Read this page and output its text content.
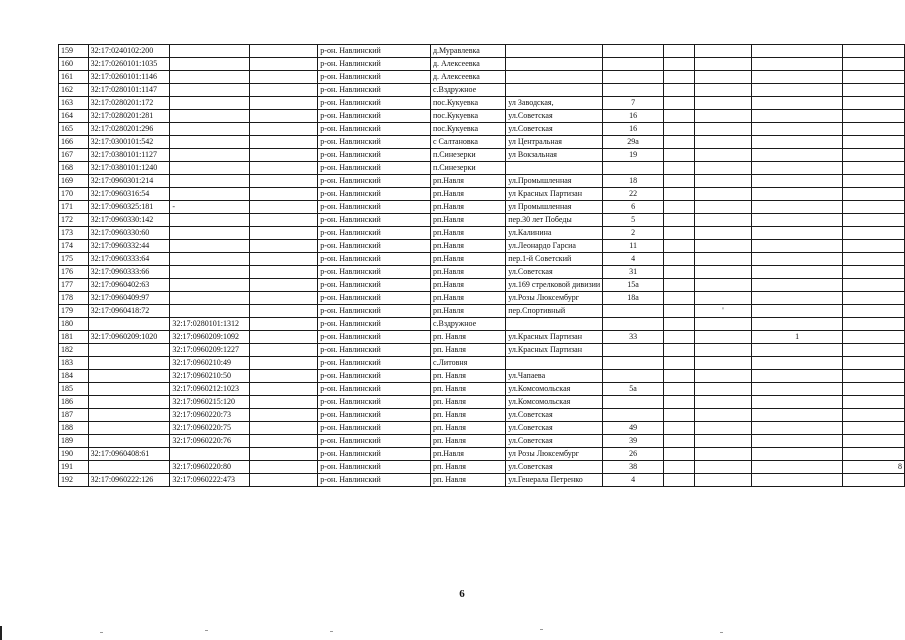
159	32:17:0240102:200			р-он. Навлинский	д.Муравлевка						
160	32:17:0260101:1035			р-он. Навлинский	д. Алексеевка						
161	32:17:0260101:1146			р-он. Навлинский	д. Алексеевка						
162	32:17:0280101:1147			р-он. Навлинский	с.Вздружное						
163	32:17:0280201:172			р-он. Навлинский	пос.Кукуевка	ул Заводская,	7				
164	32:17:0280201:281			р-он. Навлинский	пос.Кукуевка	ул.Советская	16				
165	32:17:0280201:296			р-он. Навлинский	пос.Кукуевка	ул.Советская	16				
166	32:17:0300101:542			р-он. Навлинский	с Салтановка	ул Центральная	29а				
167	32:17:0380101:1127			р-он. Навлинский	п.Синезерки	ул Вокзальная	19				
168	32:17:0380101:1240			р-он. Навлинский	п.Синезерки						
169	32:17:0960301:214			р-он. Навлинский	рп.Навля	ул.Промышленная	18				
170	32:17:0960316:54			р-он. Навлинский	рп.Навля	ул Красных Партизан	22				
171	32:17:0960325:181	-		р-он. Навлинский	рп.Навля	ул Промышленная	6				
172	32:17:0960330:142			р-он. Навлинский	рп.Навля	пер.30 лет Победы	5				
173	32:17:0960330:60			р-он. Навлинский	рп.Навля	ул.Калинина	2				
174	32:17:0960332:44			р-он. Навлинский	рп.Навля	ул.Леонардо Гарсиа	11				
175	32:17:0960333:64			р-он. Навлинский	рп.Навля	пер.1-й Советский	4				
176	32:17:0960333:66			р-он. Навлинский	рп.Навля	ул.Советская	31				
177	32:17:0960402:63			р-он. Навлинский	рп.Навля	ул.169 стрелковой дивизии	15а				
178	32:17:0960409:97			р-он. Навлинский	рп.Навля	ул.Розы Люксембург	18а				
179	32:17:0960418:72			р-он. Навлинский	рп.Навля	пер.Спортивный			'		
180		32:17:0280101:1312		р-он. Навлинский	с.Вздружное						
181	32:17:0960209:1020	32:17:0960209:1092		р-он. Навлинский	рп. Навля	ул.Красных Партизан	33			1	
182		32:17:0960209:1227		р-он. Навлинский	рп. Навля	ул.Красных Партизан					
183		32:17:0960210:49		р-он. Навлинский	с.Литовня						
184		32:17:0960210:50		р-он. Навлинский	рп. Навля	ул.Чапаева					
185		32:17:0960212:1023		р-он. Навлинский	рп. Навля	ул.Комсомольская	5а				
186		32:17:0960215:120		р-он. Навлинский	рп. Навля	ул.Комсомольская					
187		32:17:0960220:73		р-он. Навлинский	рп. Навля	ул.Советская					
188		32:17:0960220:75		р-он. Навлинский	рп. Навля	ул.Советская	49				
189		32:17:0960220:76		р-он. Навлинский	рп. Навля	ул.Советская	39				
190	32:17:0960408:61			р-он. Навлинский	рп.Навля	ул Розы Люксембург	26				
191		32:17:0960220:80		р-он. Навлинский	рп. Навля	ул.Советская	38				8
192	32:17:0960222:126	32:17:0960222:473		р-он. Навлинский	рп. Навля	ул.Генерала Петренко	4				
6
